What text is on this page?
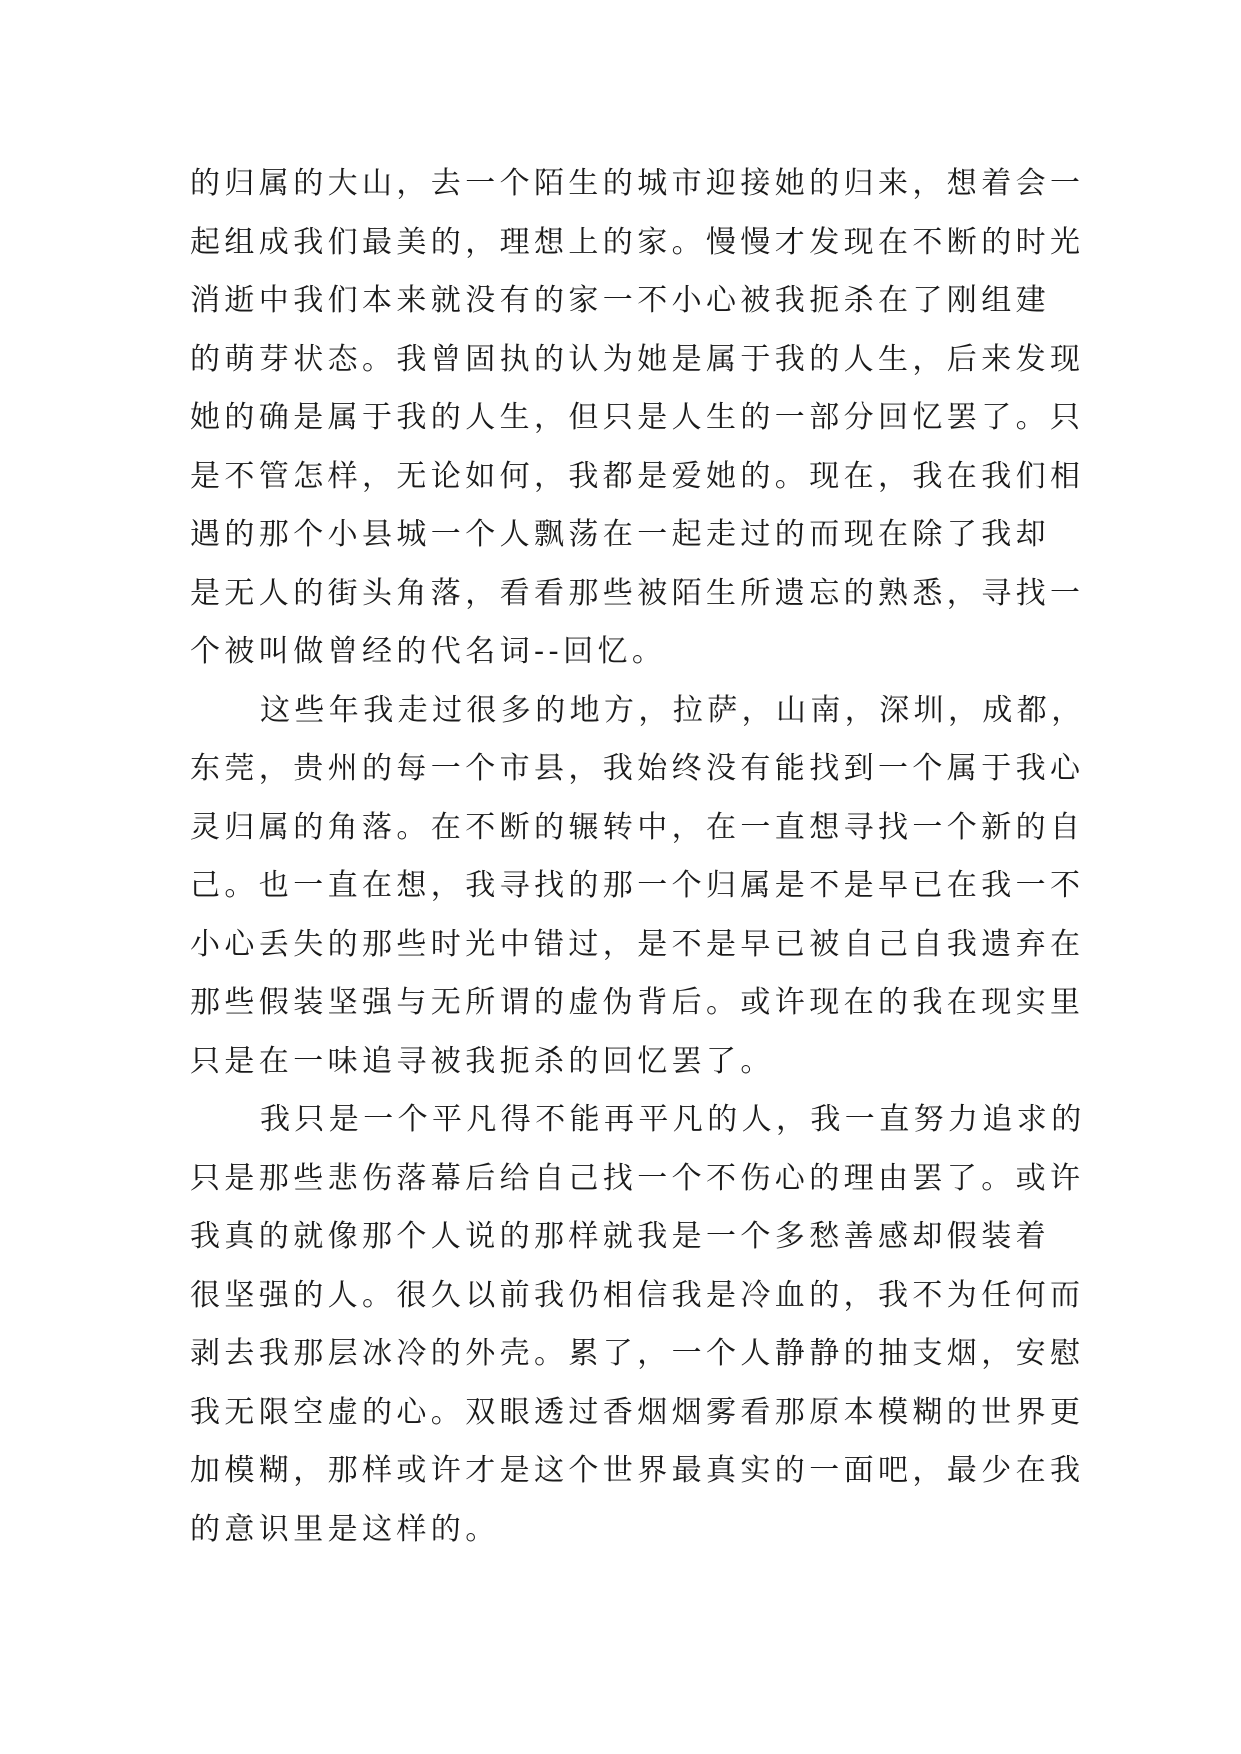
的归属的大山，去一个陌生的城市迎接她的归来，想着会一
起组成我们最美的，理想上的家。慢慢才发现在不断的时光
消逝中我们本来就没有的家一不小心被我扼杀在了刚组建
的萌芽状态。我曾固执的认为她是属于我的人生，后来发现
她的确是属于我的人生，但只是人生的一部分回忆罢了。只
是不管怎样，无论如何，我都是爱她的。现在，我在我们相
遇的那个小县城一个人飘荡在一起走过的而现在除了我却
是无人的街头角落，看看那些被陌生所遗忘的熟悉，寻找一
个被叫做曾经的代名词--回忆。
这些年我走过很多的地方，拉萨，山南，深圳，成都，
东莞，贵州的每一个市县，我始终没有能找到一个属于我心
灵归属的角落。在不断的辗转中，在一直想寻找一个新的自
己。也一直在想，我寻找的那一个归属是不是早已在我一不
小心丢失的那些时光中错过，是不是早已被自己自我遗弃在
那些假装坚强与无所谓的虚伪背后。或许现在的我在现实里
只是在一味追寻被我扼杀的回忆罢了。
我只是一个平凡得不能再平凡的人，我一直努力追求的
只是那些悲伤落幕后给自己找一个不伤心的理由罢了。或许
我真的就像那个人说的那样就我是一个多愁善感却假装着
很坚强的人。很久以前我仍相信我是冷血的，我不为任何而
剥去我那层冰冷的外壳。累了，一个人静静的抽支烟，安慰
我无限空虚的心。双眼透过香烟烟雾看那原本模糊的世界更
加模糊，那样或许才是这个世界最真实的一面吧，最少在我
的意识里是这样的。
